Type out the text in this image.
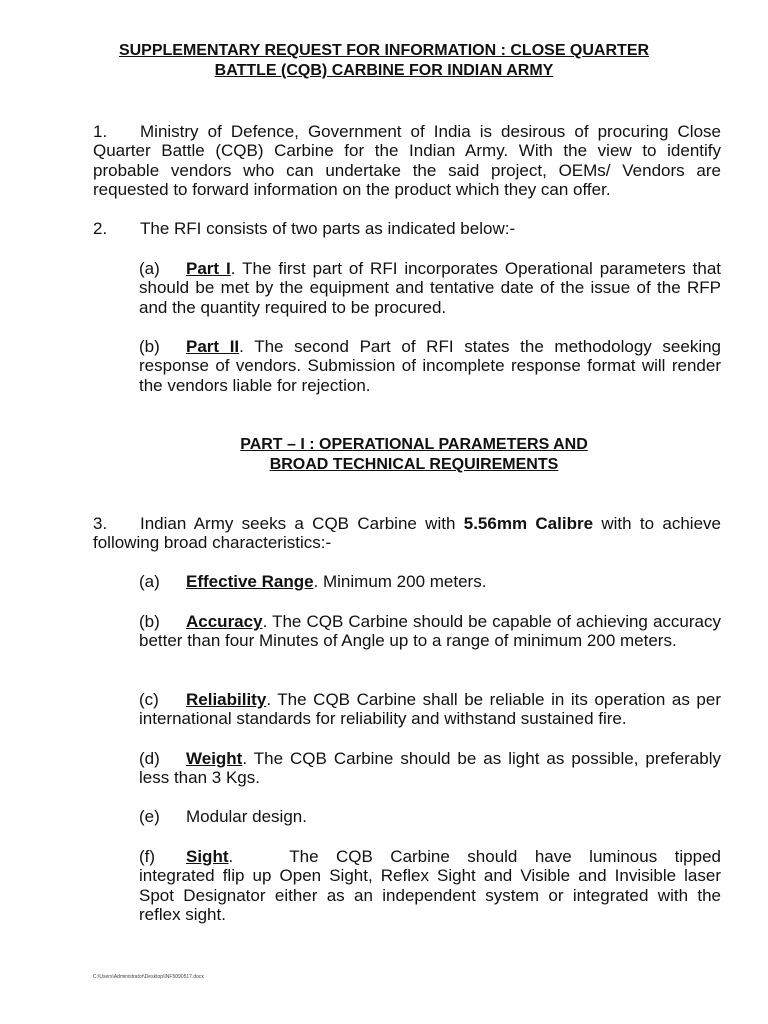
SUPPLEMENTARY REQUEST FOR INFORMATION : CLOSE QUARTER
BATTLE (CQB) CARBINE FOR INDIAN ARMY
1. Ministry of Defence, Government of India is desirous of procuring Close Quarter Battle (CQB) Carbine for the Indian Army. With the view to identify probable vendors who can undertake the said project, OEMs/ Vendors are requested to forward information on the product which they can offer.
2. The RFI consists of two parts as indicated below:-
(a) Part I. The first part of RFI incorporates Operational parameters that should be met by the equipment and tentative date of the issue of the RFP and the quantity required to be procured.
(b) Part II. The second Part of RFI states the methodology seeking response of vendors. Submission of incomplete response format will render the vendors liable for rejection.
PART – I : OPERATIONAL PARAMETERS AND
BROAD TECHNICAL REQUIREMENTS
3. Indian Army seeks a CQB Carbine with 5.56mm Calibre with to achieve following broad characteristics:-
(a) Effective Range. Minimum 200 meters.
(b) Accuracy. The CQB Carbine should be capable of achieving accuracy better than four Minutes of Angle up to a range of minimum 200 meters.
(c) Reliability. The CQB Carbine shall be reliable in its operation as per international standards for reliability and withstand sustained fire.
(d) Weight. The CQB Carbine should be as light as possible, preferably less than 3 Kgs.
(e) Modular design.
(f) Sight.	The CQB Carbine should have luminous tipped integrated flip up Open Sight, Reflex Sight and Visible and Invisible laser Spot Designator either as an independent system or integrated with the reflex sight.
C:\Users\Administrator\Desktop\INF5090517.docx
